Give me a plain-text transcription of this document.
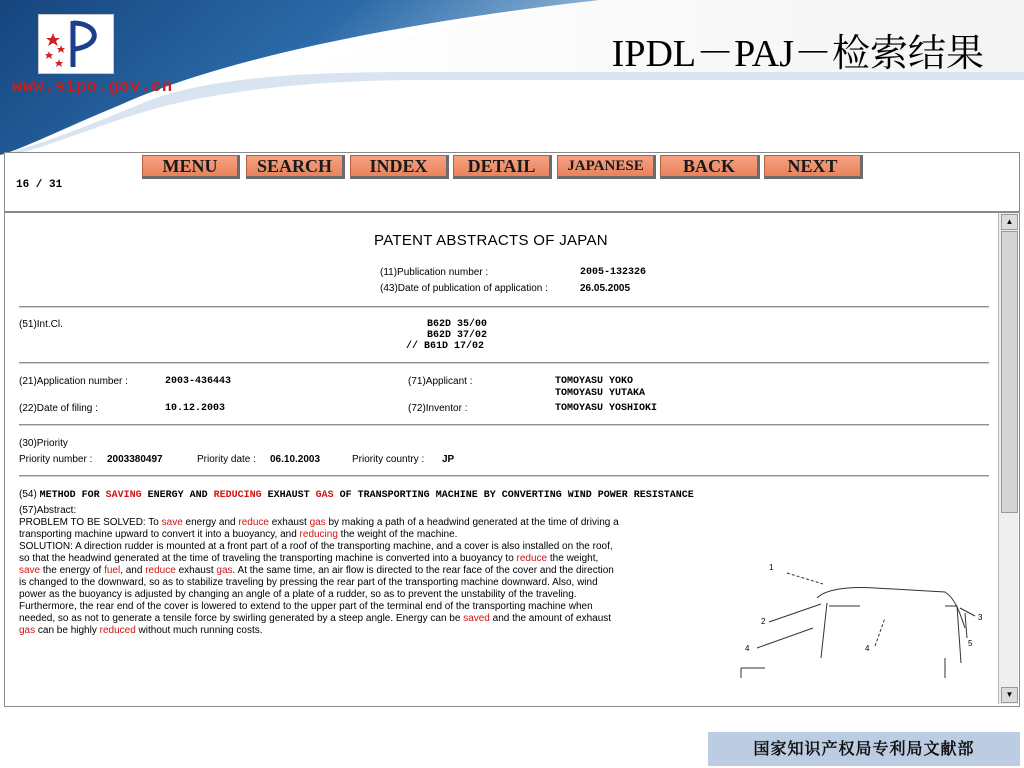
www.sipo.gov.cn
IPDL－PAJ－检索结果
MENU	SEARCH	INDEX	DETAIL	JAPANESE	BACK	NEXT
16 / 31
PATENT ABSTRACTS OF JAPAN
(11)Publication number :	2005-132326
(43)Date of publication of application :	26.05.2005
(51)Int.Cl.	B62D 35/00
B62D 37/02
// B61D 17/02
(21)Application number :	2003-436443	(71)Applicant :	TOMOYASU YOKO
TOMOYASU YUTAKA
(22)Date of filing :	10.12.2003	(72)Inventor :	TOMOYASU YOSHIOKI
(30)Priority
Priority number : 2003380497	Priority date : 06.10.2003	Priority country : JP
(54) METHOD FOR SAVING ENERGY AND REDUCING EXHAUST GAS OF TRANSPORTING MACHINE BY CONVERTING WIND POWER RESISTANCE
(57)Abstract:
PROBLEM TO BE SOLVED: To save energy and reduce exhaust gas by making a path of a headwind generated at the time of driving a
transporting machine upward to convert it into a buoyancy, and reducing the weight of the machine.
SOLUTION: A direction rudder is mounted at a front part of a roof of the transporting machine, and a cover is also installed on the roof,
so that the headwind generated at the time of traveling the transporting machine is converted into a buoyancy to reduce the weight,
save the energy of fuel, and reduce exhaust gas. At the same time, an air flow is directed to the rear face of the cover and the direction
is changed to the downward, so as to stabilize traveling by pressing the rear part of the transporting machine downward. Also, wind
power as the buoyancy is adjusted by changing an angle of a plate of a rudder, so as to prevent the unstability of the traveling.
Furthermore, the rear end of the cover is lowered to extend to the upper part of the terminal end of the transporting machine when
needed, so as not to generate a tensile force by swirling generated by a steep angle. Energy can be saved and the amount of exhaust
gas can be highly reduced without much running costs.
1
2	3
4
5
4
▲
▼
国家知识产权局专利局文献部
